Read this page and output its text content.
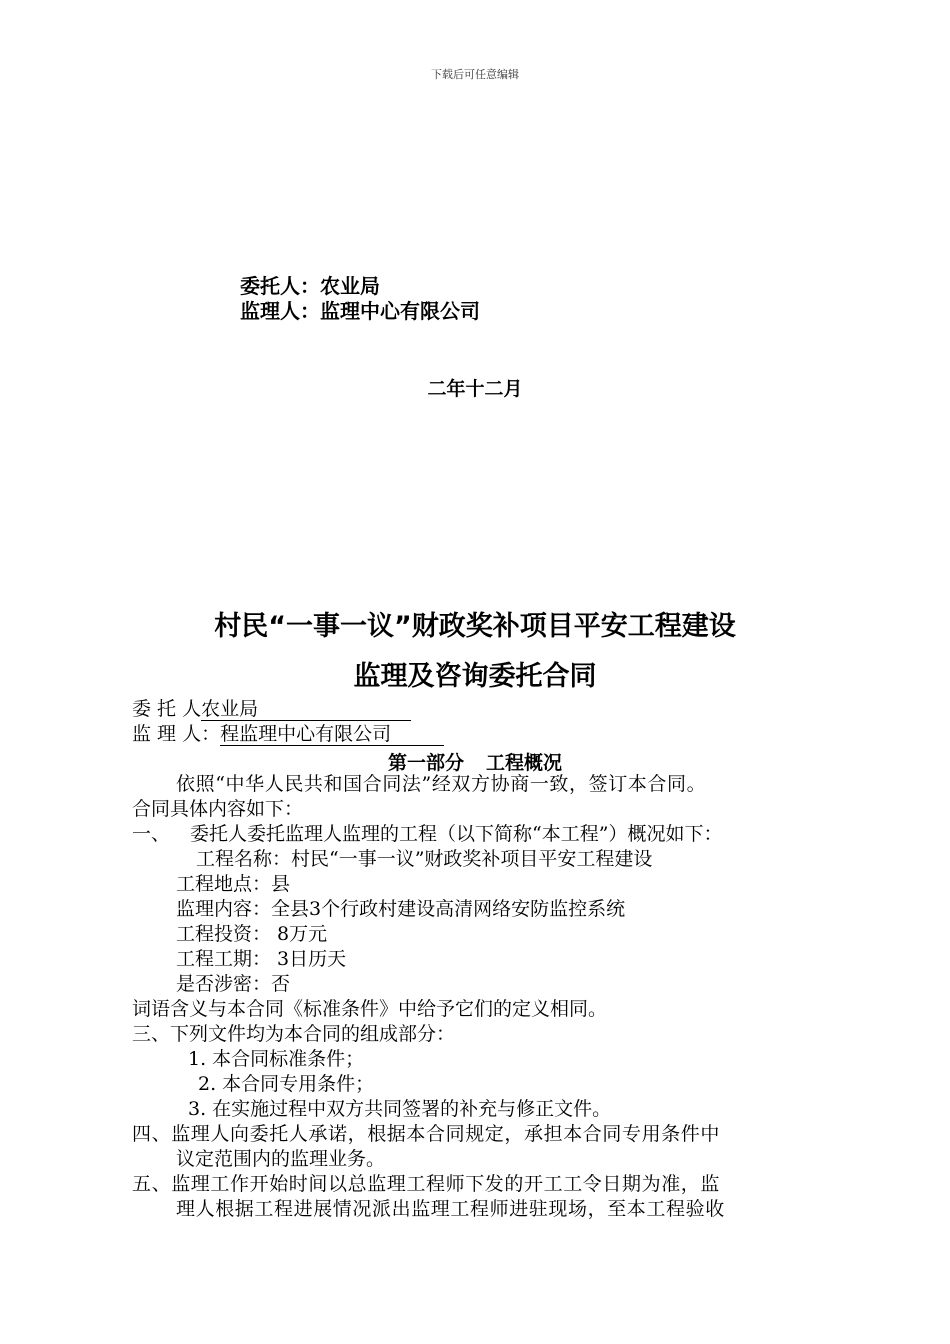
下载后可任意编辑
委托人：农业局
监理人：监理中心有限公司
二年十二月
村民“一事一议”财政奖补项目平安工程建设
监理及咨询委托合同
委 托 人农业局
监 理 人：程监理中心有限公司
第一部分 工程概况
依照“中华人民共和国合同法”经双方协商一致，签订本合同。
合同具体内容如下：
一、 委托人委托监理人监理的工程（以下简称“本工程”）概况如下：
工程名称：村民“一事一议”财政奖补项目平安工程建设
工程地点：县
监理内容：全县3个行政村建设高清网络安防监控系统
工程投资： 8万元
工程工期： 3日历天
是否涉密：否
词语含义与本合同《标准条件》中给予它们的定义相同。
三、下列文件均为本合同的组成部分：
1. 本合同标准条件；
2. 本合同专用条件；
3. 在实施过程中双方共同签署的补充与修正文件。
四、监理人向委托人承诺，根据本合同规定，承担本合同专用条件中
议定范围内的监理业务。
五、监理工作开始时间以总监理工程师下发的开工工令日期为准，监
理人根据工程进展情况派出监理工程师进驻现场，至本工程验收
